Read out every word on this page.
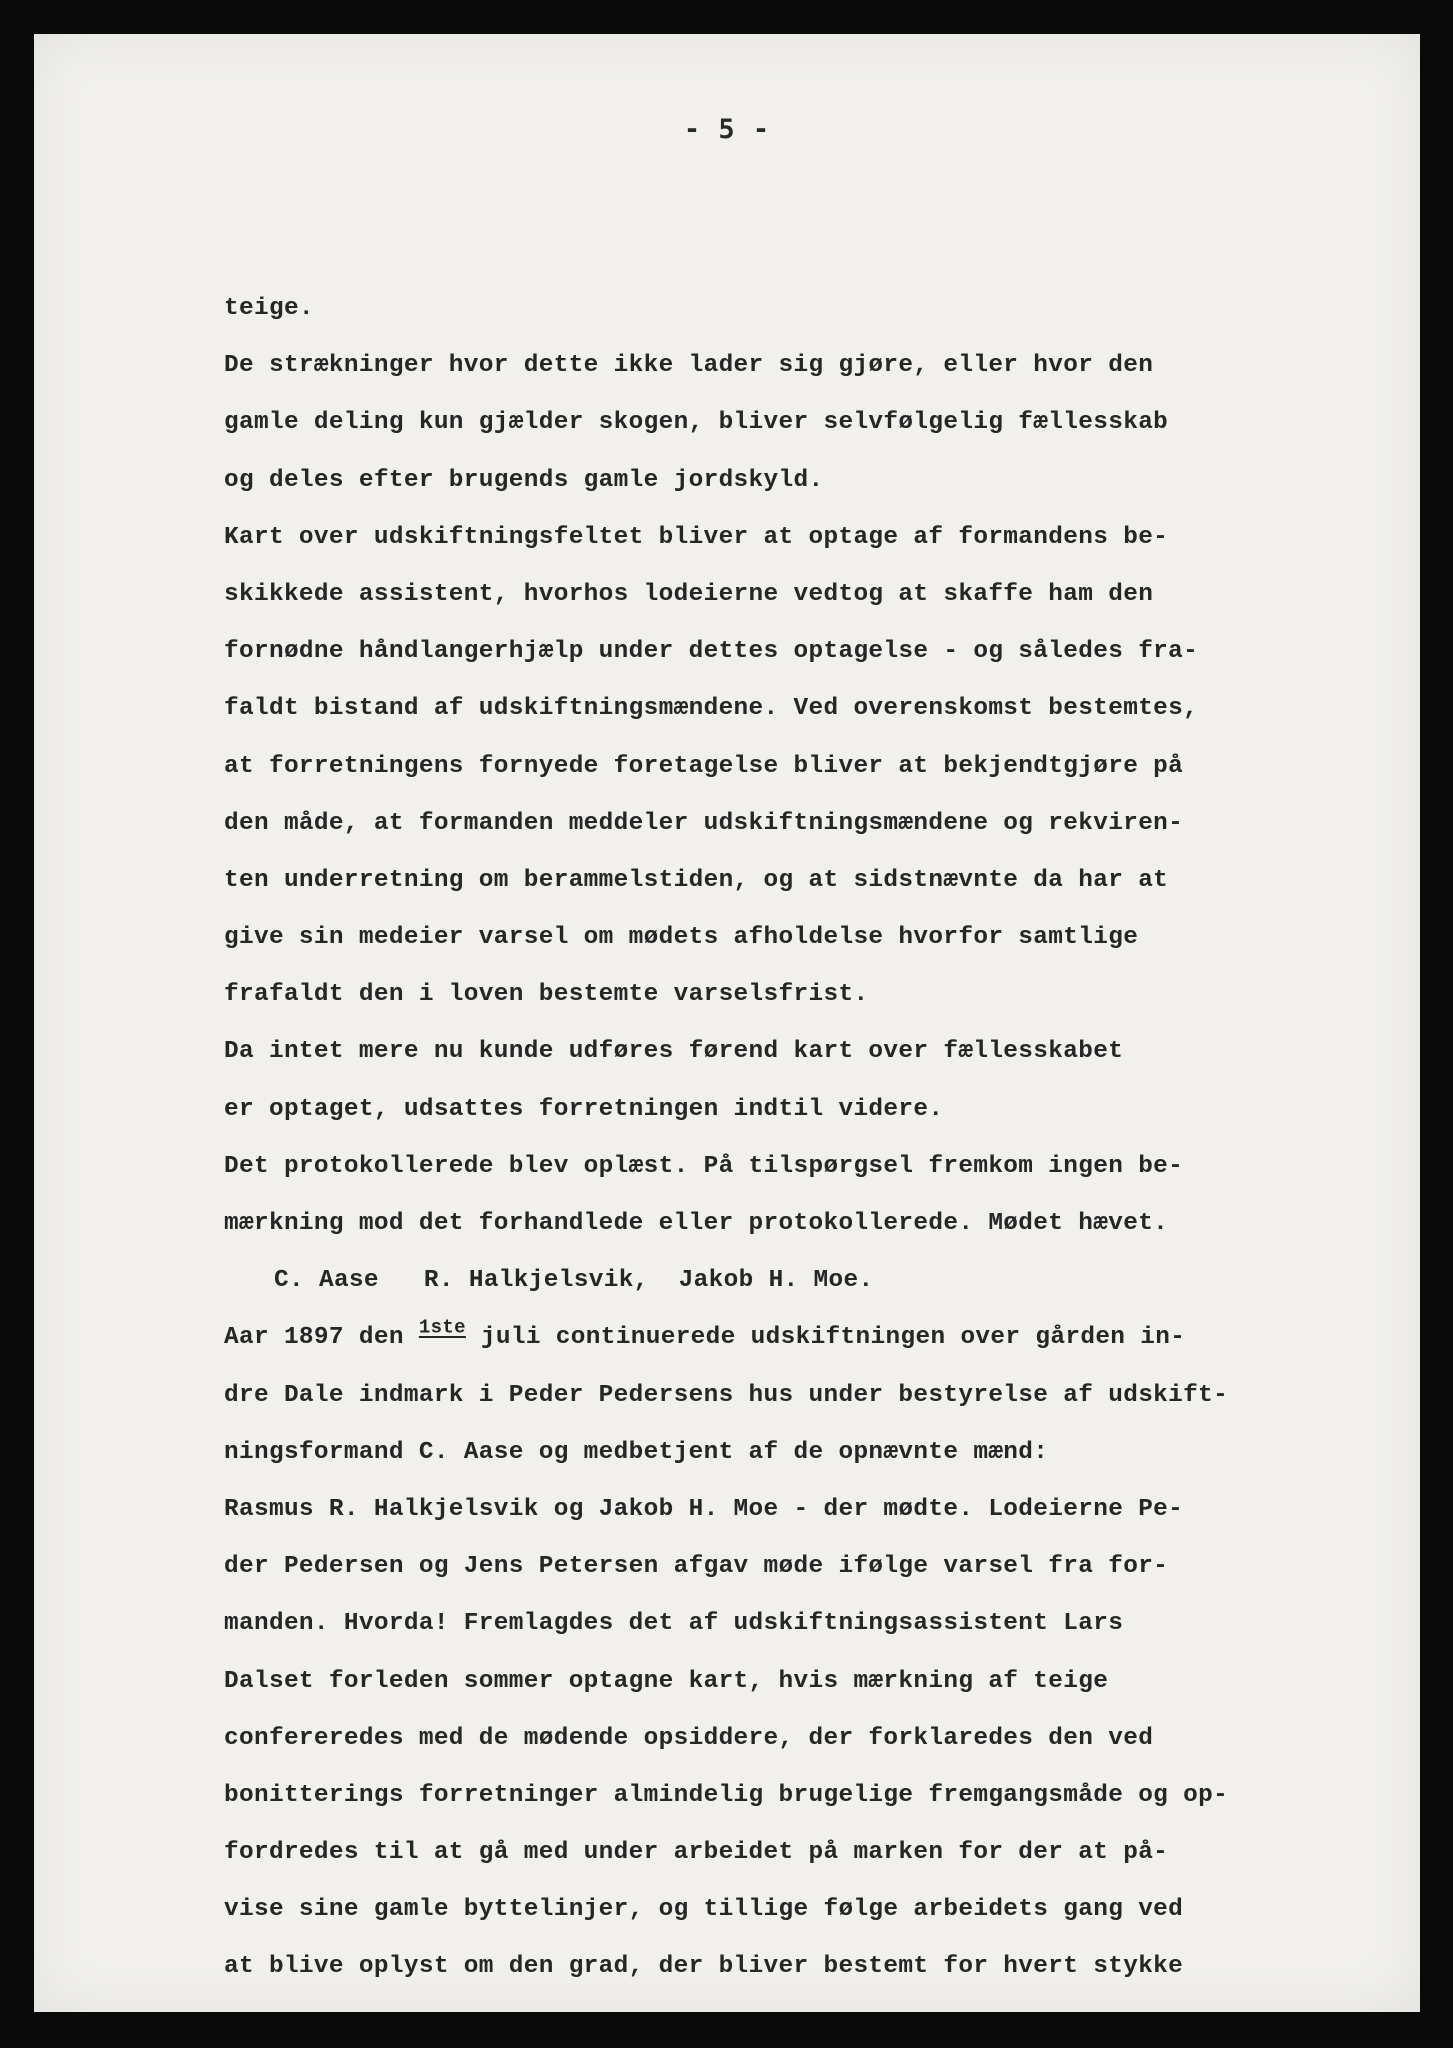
- 5 -
teige.
De strækninger hvor dette ikke lader sig gjøre, eller hvor den
gamle deling kun gjælder skogen, bliver selvfølgelig fællesskab
og deles efter brugends gamle jordskyld.
Kart over udskiftningsfeltet bliver at optage af formandens be-
skikkede assistent, hvorhos lodeierne vedtog at skaffe ham den
fornødne håndlangerhjælp under dettes optagelse - og således fra-
faldt bistand af udskiftningsmændene. Ved overenskomst bestemtes,
at forretningens fornyede foretagelse bliver at bekjendtgjøre på
den måde, at formanden meddeler udskiftningsmændene og rekviren-
ten underretning om berammelstiden, og at sidstnævnte da har at
give sin medeier varsel om mødets afholdelse hvorfor samtlige
frafaldt den i loven bestemte varselsfrist.
Da intet mere nu kunde udføres førend kart over fællesskabet
er optaget, udsattes forretningen indtil videre.
Det protokollerede blev oplæst. På tilspørgsel fremkom ingen be-
mærkning mod det forhandlede eller protokollerede. Mødet hævet.
C. Aase   R. Halkjelsvik,  Jakob H. Moe.
Aar 1897 den $^{1ste}$ juli continuerede udskiftningen over gården in-
dre Dale indmark i Peder Pedersens hus under bestyrelse af udskift-
ningsformand C. Aase og medbetjent af de opnævnte mænd:
Rasmus R. Halkjelsvik og Jakob H. Moe - der mødte. Lodeierne Pe-
der Pedersen og Jens Petersen afgav møde ifølge varsel fra for-
manden. Hvorda! Fremlagdes det af udskiftningsassistent Lars
Dalset forleden sommer optagne kart, hvis mærkning af teige
confereredes med de mødende opsiddere, der forklaredes den ved
bonitterings forretninger almindelig brugelige fremgangsmåde og op-
fordredes til at gå med under arbeidet på marken for der at på-
vise sine gamle byttelinjer, og tillige følge arbeidets gang ved
at blive oplyst om den grad, der bliver bestemt for hvert stykke
